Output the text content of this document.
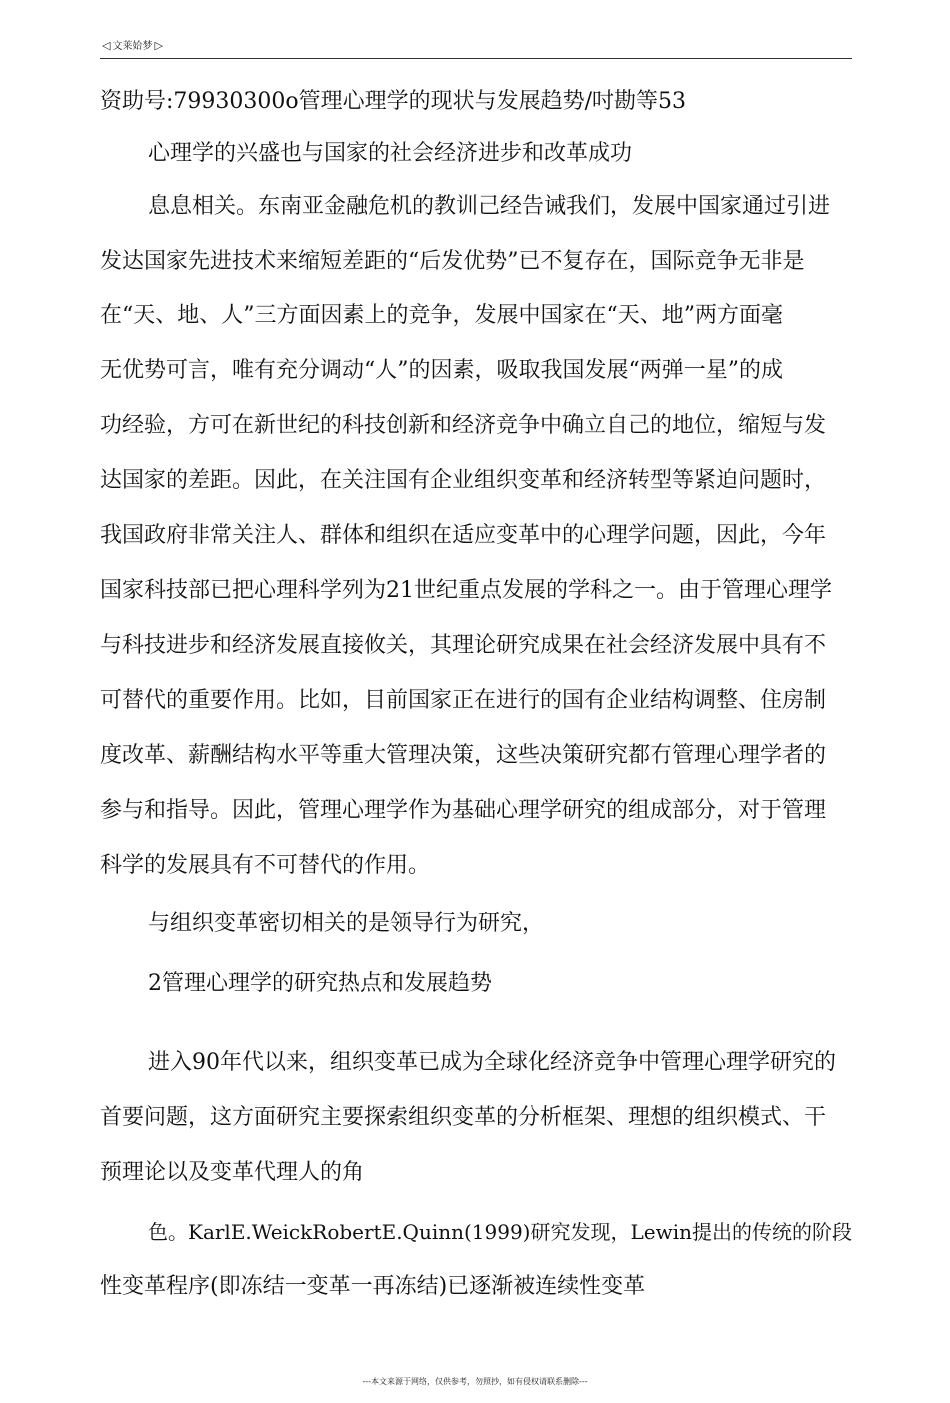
◁ 文莱姶梦 ▷
资助号:79930300o管理心理学的现状与发展趋势/吋勘等53
心理学的兴盛也与国家的社会经济进步和改革成功
息息相关。东南亚金融危机的教训己经告诫我们，发展中国家通过引进
发达国家先进技术来缩短差距的“后发优势”已不复存在，国际竞争无非是
在“天、地、人”三方面因素上的竞争，发展中国家在“天、地”两方面毫
无优势可言，唯有充分调动“人”的因素，吸取我国发展“两弹一星”的成
功经验，方可在新世纪的科技创新和经济竞争中确立自己的地位，缩短与发
达国家的差距。因此，在关注国有企业组织变革和经济转型等紧迫问题时，
我国政府非常关注人、群体和组织在适应变革中的心理学问题，因此，今年
国家科技部已把心理科学列为21世纪重点发展的学科之一。由于管理心理学
与科技进步和经济发展直接攸关，其理论研究成果在社会经济发展中具有不
可替代的重要作用。比如，目前国家正在进行的国有企业结构调整、住房制
度改革、薪酬结构水平等重大管理决策，这些决策研究都冇管理心理学者的
参与和指导。因此，管理心理学作为基础心理学研究的组成部分，对于管理
科学的发展具有不可替代的作用。
与组织变革密切相关的是领导行为研究，
2管理心理学的研究热点和发展趋势
进入90年代以来，组织变革已成为全球化经济竞争中管理心理学研究的
首要问题，这方面研究主要探索组织变革的分析框架、理想的组织模式、干
预理论以及变革代理人的角
色。KarlE.WeickRobertE.Quinn(1999)研究发现，Lewin提出的传统的阶段
性变革程序(即冻结一变革一再冻结)已逐渐被连续性变革
---本文来源于网络，仅供参考，勿照抄，如有侵权请联系删除---
